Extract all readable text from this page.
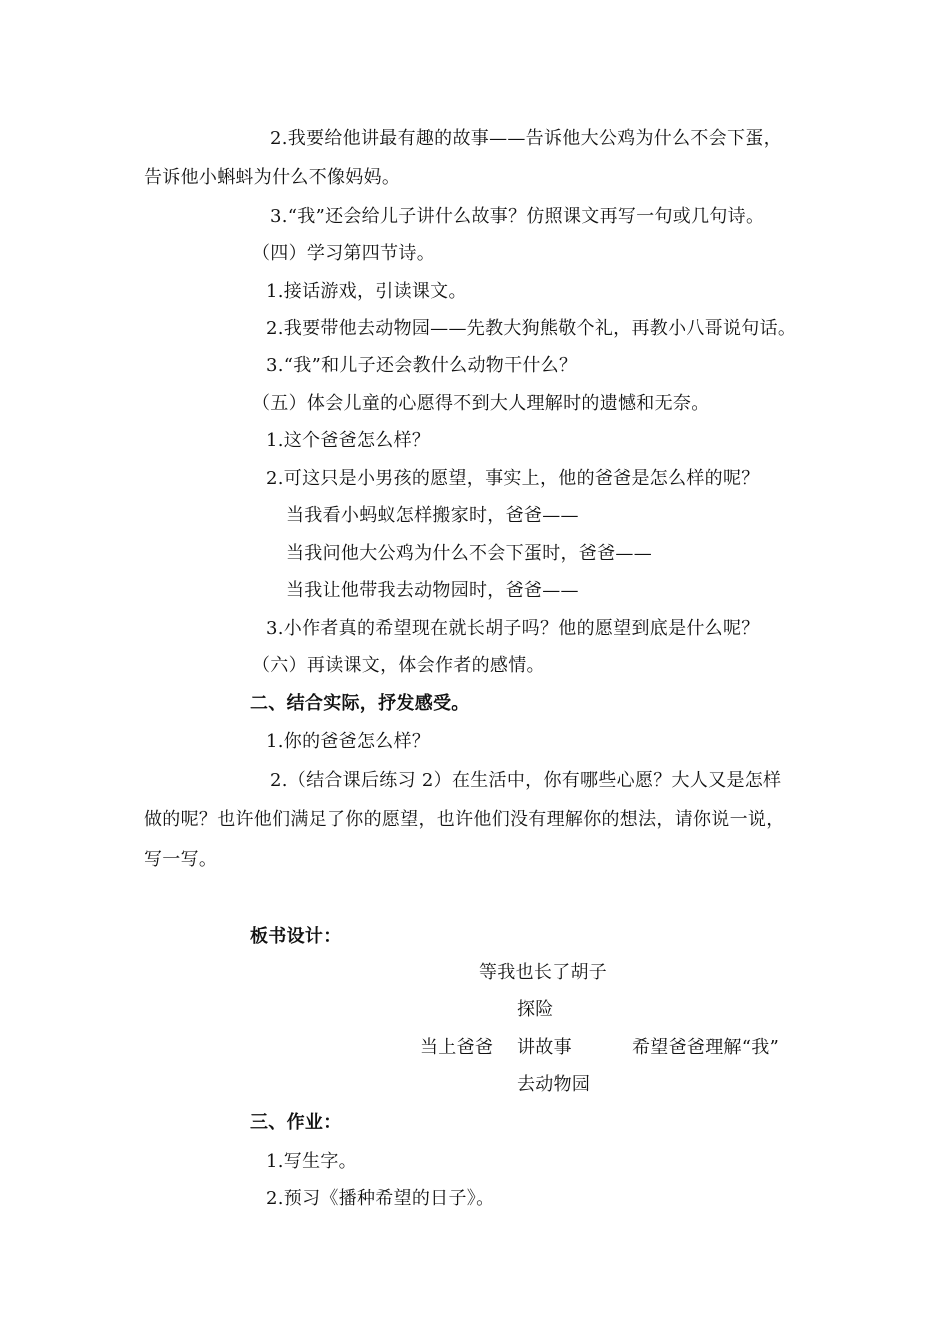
2.我要给他讲最有趣的故事——告诉他大公鸡为什么不会下蛋，
告诉他小蝌蚪为什么不像妈妈。
3.“我”还会给儿子讲什么故事？仿照课文再写一句或几句诗。
（四）学习第四节诗。
1.接话游戏，引读课文。
2.我要带他去动物园——先教大狗熊敬个礼，再教小八哥说句话。
3.“我”和儿子还会教什么动物干什么？
（五）体会儿童的心愿得不到大人理解时的遗憾和无奈。
1.这个爸爸怎么样？
2.可这只是小男孩的愿望，事实上，他的爸爸是怎么样的呢？
当我看小蚂蚁怎样搬家时，爸爸——
当我问他大公鸡为什么不会下蛋时，爸爸——
当我让他带我去动物园时，爸爸——
3.小作者真的希望现在就长胡子吗？他的愿望到底是什么呢？
（六）再读课文，体会作者的感情。
二、结合实际，抒发感受。
1.你的爸爸怎么样？
2.（结合课后练习 2）在生活中，你有哪些心愿？大人又是怎样
做的呢？也许他们满足了你的愿望，也许他们没有理解你的想法，请你说一说，
写一写。
板书设计：
等我也长了胡子
探险
当上爸爸 讲故事	希望爸爸理解“我”
去动物园
三、作业：
1.写生字。
2.预习《播种希望的日子》。
